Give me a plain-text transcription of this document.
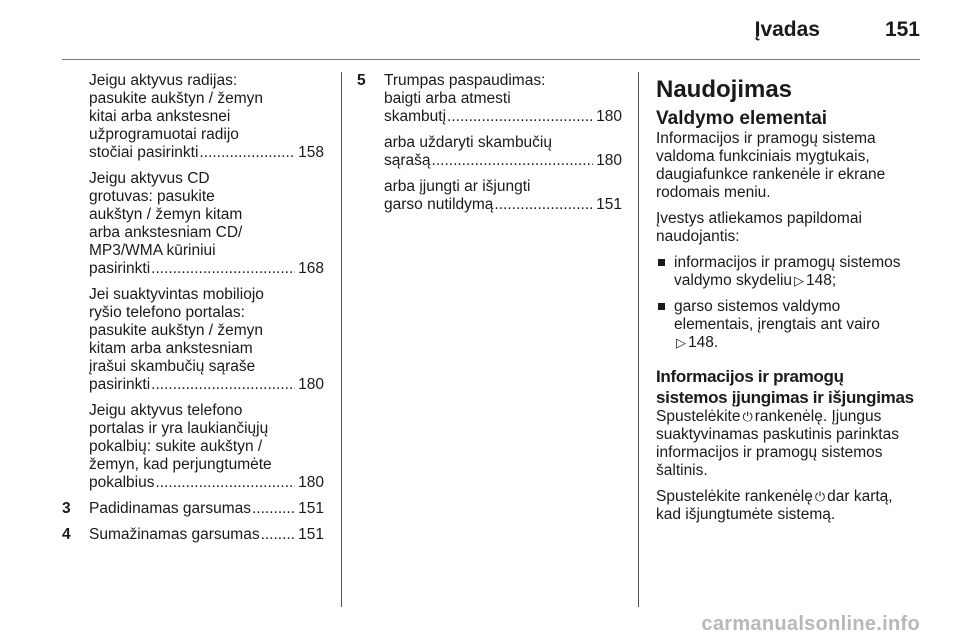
Įvadas	151
Jeigu aktyvus radijas:
pasukite aukštyn / žemyn
kitai arba ankstesnei
užprogramuotai radijo
stočiai pasirinkti .....	158
Jeigu aktyvus CD
grotuvas: pasukite
aukštyn / žemyn kitam
arba ankstesniam CD/
MP3/WMA kūriniui
pasirinkti .....	168
Jei suaktyvintas mobiliojo
ryšio telefono portalas:
pasukite aukštyn / žemyn
kitam arba ankstesniam
įrašui skambučių sąraše
pasirinkti .....	180
Jeigu aktyvus telefono
portalas ir yra laukiančiųjų
pokalbių: sukite aukštyn /
žemyn, kad perjungtumėte
pokalbius .....	180
3 Padidinamas garsumas .....	151
4 Sumažinamas garsumas ..... 151
5 Trumpas paspaudimas:
baigti arba atmesti
skambutį .....	180
arba uždaryti skambučių
sąrašą .....	180
arba įjungti ar išjungti
garso nutildymą .....	151
Naudojimas
Valdymo elementai
Informacijos ir pramogų sistema
valdoma funkciniais mygtukais,
daugiafunkce rankenėle ir ekrane
rodomais meniu.
Įvestys atliekamos papildomai
naudojantis:
informacijos ir pramogų sistemos
valdymo skydeliu ▷ 148;
garso sistemos valdymo
elementais, įrengtais ant vairo
▷ 148.
Informacijos ir pramogų
sistemos įjungimas ir išjungimas
Spustelėkite ⏻ rankenėlę. Įjungus
suaktyvinamas paskutinis parinktas
informacijos ir pramogų sistemos
šaltinis.
Spustelėkite rankenėlę ⏻ dar kartą,
kad išjungtumėte sistemą.
carmanualsonline.info
